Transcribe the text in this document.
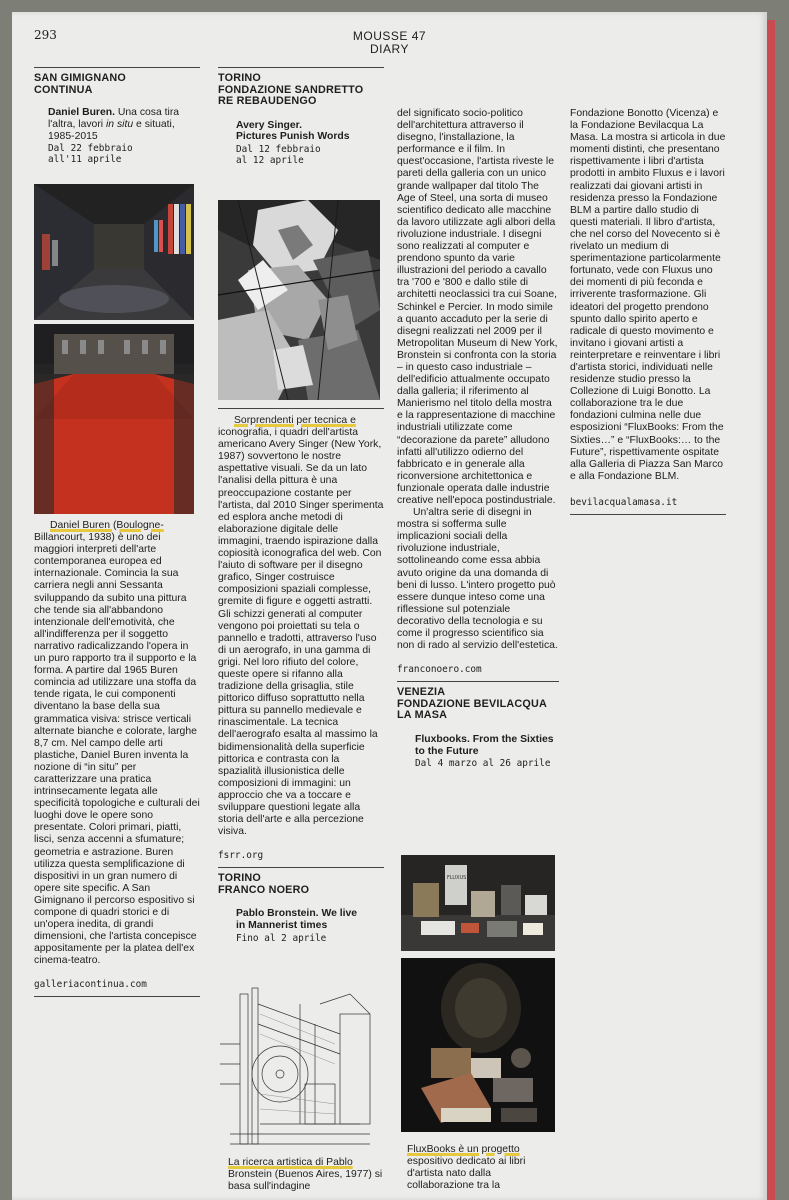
293	MOUSSE 47
DIARY
SAN GIMIGNANO
CONTINUA
Daniel Buren. Una cosa tira l'altra, lavori in situ e situati, 1985-2015
Dal 22 febbraio all'11 aprile

Daniel Buren (Boulogne- Billancourt, 1938) è uno dei maggiori interpreti dell'arte contemporanea europea ed internazionale. Cominciа la sua carriera negli anni Sessanta sviluppando da subito una pittura che tende sia all'abbandono intenzionale dell'emotività, che all'indifferenza per il soggetto narrativo radicalizzando l'opera in un puro rapporto tra il supporto e la forma. A partire dal 1965 Buren comincia ad utilizzare una stoffa da tende rigata, le cui componenti diventano la base della sua grammatica visiva: strisce verticali alternate bianche e colorate, larghe 8,7 cm. Nel campo delle arti plastiche, Daniel Buren inventa la nozione di “in situ” per caratterizzare una pratica intrinsecamente legata alle specificità topologiche e culturali dei luoghi dove le opere sono presentate. Colori primari, piatti, lisci, senza accenni a sfumature; geometria e astrazione. Buren utilizza questa semplificazione di dispositivi in un gran numero di opere site specific. A San Gimignano il percorso espositivo si compone di quadri storici e di un'opera inedita, di grandi dimensioni, che l'artista concepisce appositamente per la platea dell'ex cinema-teatro.

galleriacontinua.com
TORINO
FONDAZIONE SANDRETTO
RE REBAUDENGO
Avery Singer.
Pictures Punish Words
Dal 12 febbraio al 12 aprile

Sorprendenti per tecnica e iconografia, i quadri dell'artista americano Avery Singer (New York, 1987) sovvertono le nostre aspettative visuali. Se da un lato l'analisi della pittura è una preoccupazione costante per l'artista, dal 2010 Singer sperimenta ed esplora anche metodi di elaborazione digitale delle immagini, traendo ispirazione dalla copiosità iconografica del web. Con l'aiuto di software per il disegno grafico, Singer costruisce composizioni spaziali complesse, gremite di figure e oggetti astratti. Gli schizzi generati al computer vengono poi proiettati su tela o pannello e tradotti, attraverso l'uso di un aerografo, in una gamma di grigi. Nel loro rifiuto del colore, queste opere si rifanno alla tradizione della grisaglia, stile pittorico diffuso soprattutto nella pittura su pannello medievale e rinascimentale. La tecnica dell'aerografo esalta al massimo la bidimensionalità della superficie pittorica e contrasta con la spazialità illusionistica delle composizioni di immagini: un approccio che va a toccare e sviluppare questioni legate alla storia dell'arte e alla percezione visiva.

fsrr.org
TORINO
FRANCO NOERO
Pablo Bronstein. We live in Mannerist times
Fino al 2 aprile

La ricerca artistica di Pablo Bronstein (Buenos Aires, 1977) si basa sull'indagine

del significato socio-politico dell'architettura attraverso il disegno, l'installazione, la performance e il film. In quest'occasione, l'artista riveste le pareti della galleria con un unico grande wallpaper dal titolo The Age of Steel, una sorta di museo scientifico dedicato alle macchine da lavoro utilizzate agli albori della rivoluzione industriale. I disegni sono realizzati al computer e prendono spunto da varie illustrazioni del periodo a cavallo tra '700 e '800 e dallo stile di architetti neoclassici tra cui Soane, Schinkel e Percier. In modo simile a quanto accaduto per la serie di disegni realizzati nel 2009 per il Metropolitan Museum di New York, Bronstein si confronta con la storia – in questo caso industriale – dell'edificio attualmente occupato dalla galleria; il riferimento al Manierismo nel titolo della mostra e la rappresentazione di macchine industriali utilizzate come “decorazione da parete” alludono infatti all'utilizzo odierno del fabbricato e in generale alla riconversione architettonica e funzionale operata dalle industrie creative nell'epoca postindustriale.

Un'altra serie di disegni in mostra si sofferma sulle implicazioni sociali della rivoluzione industriale, sottolineando come essa abbia avuto origine da una domanda di beni di lusso. L'intero progetto può essere dunque inteso come una riflessione sul potenziale decorativo della tecnologia e su come il progresso scientifico sia non di rado al servizio dell'estetica.

franconoero.com
VENEZIA
FONDAZIONE BEVILACQUA
LA MASA
Fluxbooks. From the Sixties
to the Future
Dal 4 marzo al 26 aprile
FLUXUS

FluxBooks è un progetto espositivo dedicato ai libri d'artista nato dalla collaborazione tra la

Fondazione Bonotto (Vicenza) e la Fondazione Bevilacqua La Masa. La mostra si articola in due momenti distinti, che presentano rispettivamente i libri d'artista prodotti in ambito Fluxus e i lavori realizzati dai giovani artisti in residenza presso la Fondazione BLM a partire dallo studio di questi materiali. Il libro d'artista, che nel corso del Novecento si è rivelato un medium di sperimentazione particolarmente fortunato, vede con Fluxus uno dei momenti di più feconda e irriverente trasformazione. Gli ideatori del progetto prendono spunto dallo spirito aperto e radicale di questo movimento e invitano i giovani artisti a reinterpretare e reinventare i libri d'artista storici, individuati nelle residenze studio presso la Collezione di Luigi Bonotto. La collaborazione tra le due fondazioni culmina nelle due esposizioni “FluxBooks: From the Sixties…” e “FluxBooks:… to the Future”, rispettivamente ospitate alla Galleria di Piazza San Marco e alla Fondazione BLM.

bevilacqualamasa.it
